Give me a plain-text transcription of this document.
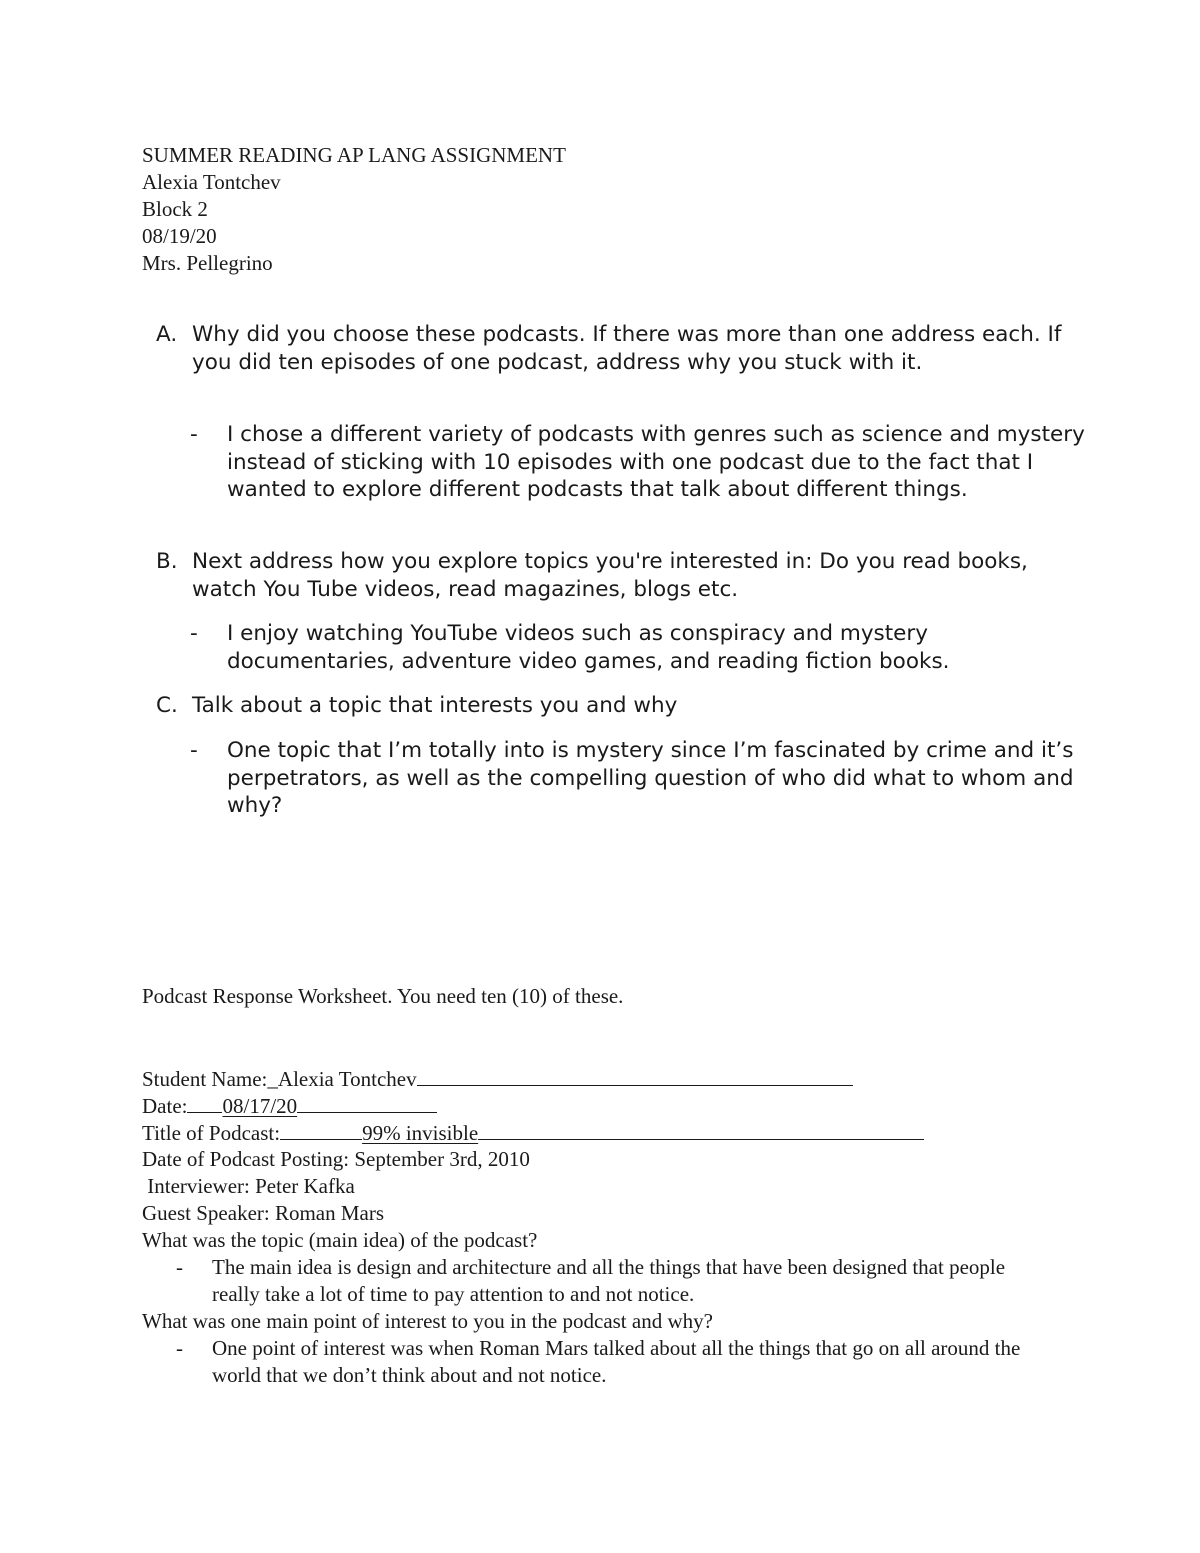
SUMMER READING AP LANG ASSIGNMENT
Alexia Tontchev
Block 2
08/19/20
Mrs. Pellegrino
A. Why did you choose these podcasts. If there was more than one address each. If you did ten episodes of one podcast, address why you stuck with it.
- I chose a different variety of podcasts with genres such as science and mystery instead of sticking with 10 episodes with one podcast due to the fact that I wanted to explore different podcasts that talk about different things.
B. Next address how you explore topics you're interested in: Do you read books, watch You Tube videos, read magazines, blogs etc.
- I enjoy watching YouTube videos such as conspiracy and mystery documentaries, adventure video games, and reading fiction books.
C. Talk about a topic that interests you and why
- One topic that I’m totally into is mystery since I’m fascinated by crime and it’s perpetrators, as well as the compelling question of who did what to whom and why?
Podcast Response Worksheet. You need ten (10) of these.
Student Name:_Alexia Tontchev
Date: 08/17/20
Title of Podcast:	99% invisible
Date of Podcast Posting: September 3rd, 2010
Interviewer: Peter Kafka
Guest Speaker: Roman Mars
What was the topic (main idea) of the podcast?
- The main idea is design and architecture and all the things that have been designed that people really take a lot of time to pay attention to and not notice.
What was one main point of interest to you in the podcast and why?
- One point of interest was when Roman Mars talked about all the things that go on all around the world that we don’t think about and not notice.
